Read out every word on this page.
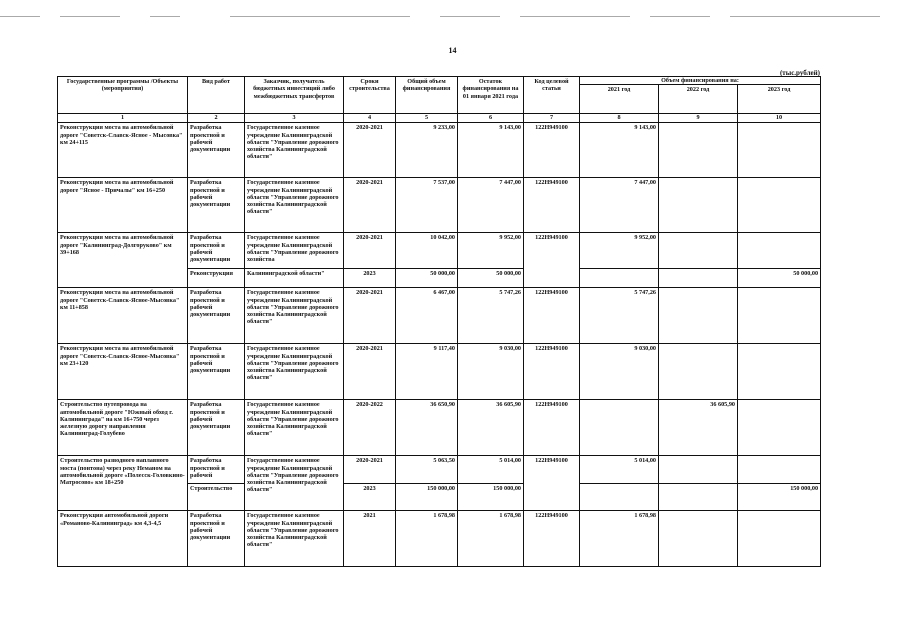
14
(тыс.рублей)
Государственные программы /Объекты (мероприятия)	Вид работ	Заказчик, получатель бюджетных инвестиций либо межбюджетных трансфертов	Сроки строительства	Общий объем финансирования	Остаток финансирования на 01 января 2021 года	Код целевой статьи	Объем финансирования на:		
							2021 год	2022 год	2023 год
1	2	3	4	5	6	7	8	9	10
Реконструкция моста на автомобильной дороге "Советск-Славск-Ясное - Мысовка" км 24+115	Разработка проектной и рабочей документации	Государственное казенное учреждение Калининградской области "Управление дорожного хозяйства Калининградской области"	2020-2021	9 233,00	9 143,00	122H949100	9 143,00		
Реконструкция моста на автомобильной дороге "Ясное - Причалы" км 16+250	Разработка проектной и рабочей документации	Государственное казенное учреждение Калининградской области "Управление дорожного хозяйства Калининградской области"	2020-2021	7 537,00	7 447,00	122H949100	7 447,00		
Реконструкция моста на автомобильной дороге "Калининград-Долгоруково" км 39+168	Разработка проектной и рабочей документации	Государственное казенное учреждение Калининградской области "Управление дорожного хозяйства	2020-2021	10 042,00	9 952,00	122H949100	9 952,00		
	Реконструкция	Калининградской области"	2023	50 000,00	50 000,00				50 000,00
Реконструкция моста на автомобильной дороге "Советск-Славск-Ясное-Мысовка" км 11+858	Разработка проектной и рабочей документации	Государственное казенное учреждение Калининградской области "Управление дорожного хозяйства Калининградской области"	2020-2021	6 467,00	5 747,26	122H949100	5 747,26		
Реконструкция моста на автомобильной дороге "Советск-Славск-Ясное-Мысовка" км 23+120	Разработка проектной и рабочей документации	Государственное казенное учреждение Калининградской области "Управление дорожного хозяйства Калининградской области"	2020-2021	9 117,40	9 030,00	122H949100	9 030,00		
Строительство путепровода на автомобильной дороге "Южный обход г. Калининграда" на км 16+750 через железную дорогу направления Калининград-Голубево	Разработка проектной и рабочей документации	Государственное казенное учреждение Калининградской области "Управление дорожного хозяйства Калининградской области"	2020-2022	36 650,90	36 605,90	122H949100		36 605,90	
Строительство разводного наплавного моста (понтона) через реку Неманом на автомобильной дороге «Полесск-Головкино-Матросово» км 18+250	Разработка проектной и рабочей	Государственное казенное учреждение Калининградской области "Управление дорожного хозяйства Калининградской области"	2020-2021	5 063,50	5 014,00	122H949100	5 014,00		
	Строительство		2023	150 000,00	150 000,00				150 000,00
Реконструкция автомобильной дороги «Романово-Калининград» км 4,3-4,5	Разработка проектной и рабочей документации	Государственное казенное учреждение Калининградской области "Управление дорожного хозяйства Калининградской области"	2021	1 678,98	1 678,98	122H949100	1 678,98		
